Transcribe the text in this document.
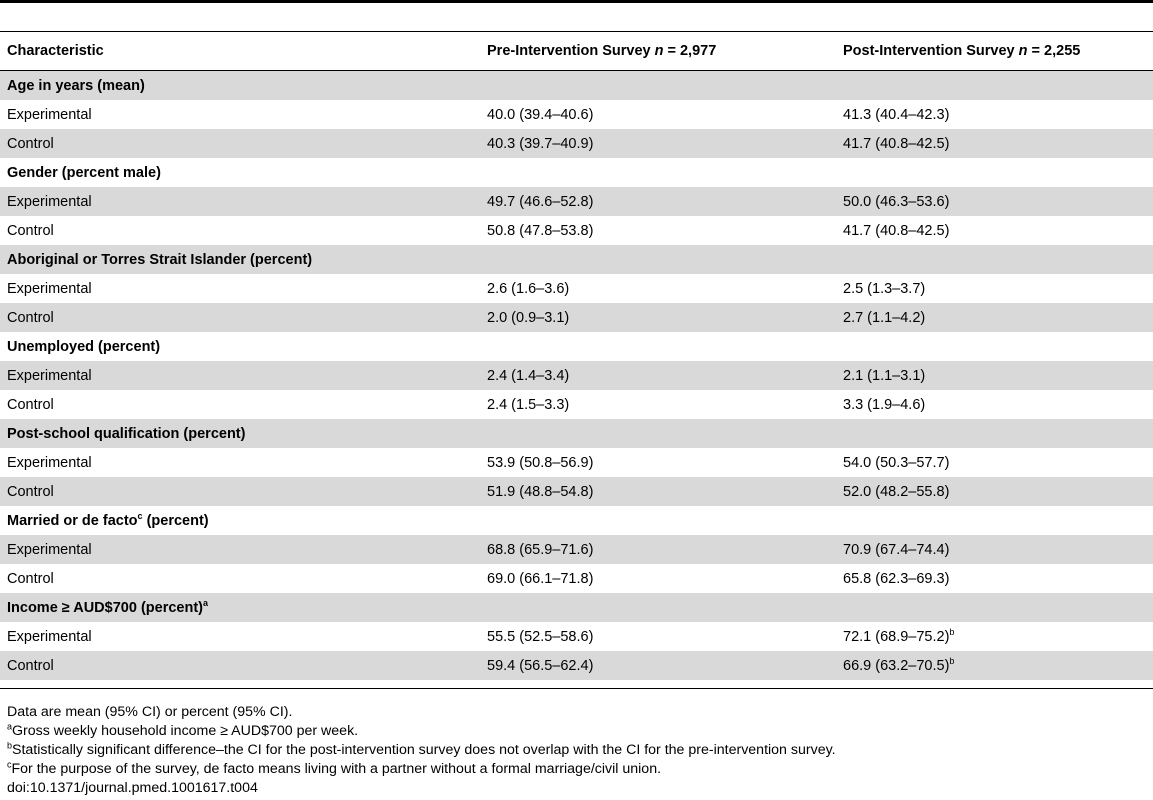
Characteristic	Pre-Intervention Survey n = 2,977	Post-Intervention Survey n = 2,255
Age in years (mean)		
Experimental	40.0 (39.4–40.6)	41.3 (40.4–42.3)
Control	40.3 (39.7–40.9)	41.7 (40.8–42.5)
Gender (percent male)		
Experimental	49.7 (46.6–52.8)	50.0 (46.3–53.6)
Control	50.8 (47.8–53.8)	41.7 (40.8–42.5)
Aboriginal or Torres Strait Islander (percent)		
Experimental	2.6 (1.6–3.6)	2.5 (1.3–3.7)
Control	2.0 (0.9–3.1)	2.7 (1.1–4.2)
Unemployed (percent)		
Experimental	2.4 (1.4–3.4)	2.1 (1.1–3.1)
Control	2.4 (1.5–3.3)	3.3 (1.9–4.6)
Post-school qualification (percent)		
Experimental	53.9 (50.8–56.9)	54.0 (50.3–57.7)
Control	51.9 (48.8–54.8)	52.0 (48.2–55.8)
Married or de facto$^c$ (percent)		
Experimental	68.8 (65.9–71.6)	70.9 (67.4–74.4)
Control	69.0 (66.1–71.8)	65.8 (62.3–69.3)
Income ≥ AUD$700 (percent)$^a$
Experimental	55.5 (52.5–58.6)	72.1 $(68.9-75.2)^b$
Control	59.4 (56.5–62.4)	66.9 $(63.2-70.5)^b$
Data are mean (95% CI) or percent (95% CI).
$^a$Gross weekly household income ≥ AUD$700 per week.
$^b$Statistically significant difference–the CI for the post-intervention survey does not overlap with the CI for the pre-intervention survey.
$^c$For the purpose of the survey, de facto means living with a partner without a formal marriage/civil union.
doi:10.1371/journal.pmed.1001617.t004
